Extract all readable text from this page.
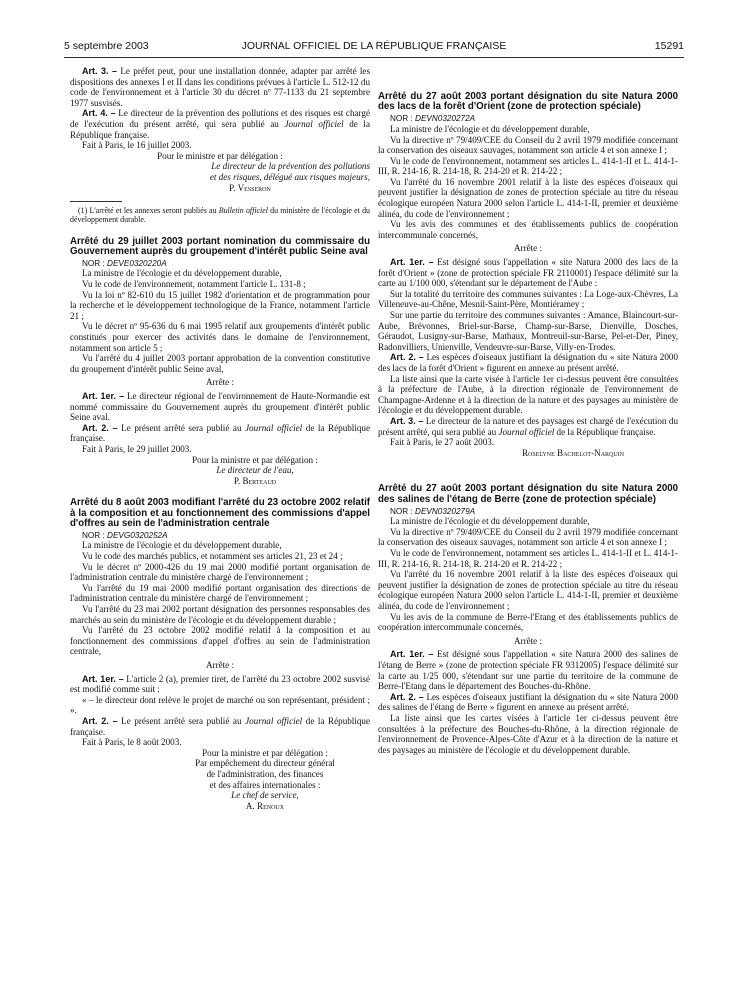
5 septembre 2003	JOURNAL OFFICIEL DE LA RÉPUBLIQUE FRANÇAISE	15291

Art. 3. – Le préfet peut, pour une installation donnée, adapter par arrêté les dispositions des annexes I et II dans les conditions prévues à l'article L. 512-12 du code de l'environnement et à l'article 30 du décret nº 77-1133 du 21 septembre 1977 susvisés.

Art. 4. – Le directeur de la prévention des pollutions et des risques est chargé de l'exécution du présent arrêté, qui sera publié au Journal officiel de la République française.

Fait à Paris, le 16 juillet 2003.

Pour le ministre et par délégation :

Le directeur de la prévention des pollutions

et des risques, délégué aux risques majeurs,

P. Vesseron

(1) L'arrêté et les annexes seront publiés au Bulletin officiel du ministère de l'écologie et du développement durable.

Arrêté du 29 juillet 2003 portant nomination du commissaire du Gouvernement auprès du groupement d'intérêt public Seine aval

NOR : DEVE0320220A

La ministre de l'écologie et du développement durable,

Vu le code de l'environnement, notamment l'article L. 131-8 ;

Vu la loi nº 82-610 du 15 juillet 1982 d'orientation et de programmation pour la recherche et le développement technologique de la France, notamment l'article 21 ;

Vu le décret nº 95-636 du 6 mai 1995 relatif aux groupements d'intérêt public constitués pour exercer des activités dans le domaine de l'environnement, notamment son article 5 ;

Vu l'arrêté du 4 juillet 2003 portant approbation de la convention constitutive du groupement d'intérêt public Seine aval,

Arrête :

Art. 1er. – Le directeur régional de l'environnement de Haute-Normandie est nommé commissaire du Gouvernement auprès du groupement d'intérêt public Seine aval.

Art. 2. – Le présent arrêté sera publié au Journal officiel de la République française.

Fait à Paris, le 29 juillet 2003.

Pour la ministre et par délégation :

Le directeur de l'eau,

P. Berteaud

Arrêté du 8 août 2003 modifiant l'arrêté du 23 octobre 2002 relatif à la composition et au fonctionnement des commissions d'appel d'offres au sein de l'administration centrale

NOR : DEVG0320252A

La ministre de l'écologie et du développement durable,

Vu le code des marchés publics, et notamment ses articles 21, 23 et 24 ;

Vu le décret nº 2000-426 du 19 mai 2000 modifié portant organisation de l'administration centrale du ministère chargé de l'environnement ;

Vu l'arrêté du 19 mai 2000 modifié portant organisation des directions de l'administration centrale du ministère chargé de l'environnement ;

Vu l'arrêté du 23 mai 2002 portant désignation des personnes responsables des marchés au sein du ministère de l'écologie et du développement durable ;

Vu l'arrêté du 23 octobre 2002 modifié relatif à la composition et au fonctionnement des commissions d'appel d'offres au sein de l'administration centrale,

Arrête :

Art. 1er. – L'article 2 (a), premier tiret, de l'arrêté du 23 octobre 2002 susvisé est modifié comme suit :

« – le directeur dont relève le projet de marché ou son représentant, président ; ».

Art. 2. – Le présent arrêté sera publié au Journal officiel de la République française.

Fait à Paris, le 8 août 2003.

Pour la ministre et par délégation :

Par empêchement du directeur général

de l'administration, des finances

et des affaires internationales :

Le chef de service,

A. Renoux

Arrêté du 27 août 2003 portant désignation du site Natura 2000 des lacs de la forêt d'Orient (zone de protection spéciale)

NOR : DEVN0320272A

La ministre de l'écologie et du développement durable,

Vu la directive nº 79/409/CEE du Conseil du 2 avril 1979 modifiée concernant la conservation des oiseaux sauvages, notamment son article 4 et son annexe I ;

Vu le code de l'environnement, notamment ses articles L. 414-1-II et L. 414-1-III, R. 214-16, R. 214-18, R. 214-20 et R. 214-22 ;

Vu l'arrêté du 16 novembre 2001 relatif à la liste des espèces d'oiseaux qui peuvent justifier la désignation de zones de protection spéciale au titre du réseau écologique européen Natura 2000 selon l'article L. 414-1-II, premier et deuxième alinéa, du code de l'environnement ;

Vu les avis des communes et des établissements publics de coopération intercommunale concernés,

Arrête :

Art. 1er. – Est désigné sous l'appellation « site Natura 2000 des lacs de la forêt d'Orient » (zone de protection spéciale FR 2110001) l'espace délimité sur la carte au 1/100 000, s'étendant sur le département de l'Aube :

Sur la totalité du territoire des communes suivantes : La Loge-aux-Chèvres, La Villeneuve-au-Chêne, Mesnil-Saint-Père, Montiéramey ;

Sur une partie du territoire des communes suivantes : Amance, Blaincourt-sur-Aube, Brévonnes, Briel-sur-Barse, Champ-sur-Barse, Dienville, Dosches, Géraudot, Lusigny-sur-Barse, Mathaux, Montreuil-sur-Barse, Pel-et-Der, Piney, Radonvilliers, Unienville, Vendeuvre-sur-Barse, Villy-en-Trodes.

Art. 2. – Les espèces d'oiseaux justifiant la désignation du « site Natura 2000 des lacs de la forêt d'Orient » figurent en annexe au présent arrêté.

La liste ainsi que la carte visée à l'article 1er ci-dessus peuvent être consultées à la préfecture de l'Aube, à la direction régionale de l'environnement de Champagne-Ardenne et à la direction de la nature et des paysages au ministère de l'écologie et du développement durable.

Art. 3. – Le directeur de la nature et des paysages est chargé de l'exécution du présent arrêté, qui sera publié au Journal officiel de la République française.

Fait à Paris, le 27 août 2003.

Roselyne Bachelot-Narquin

Arrêté du 27 août 2003 portant désignation du site Natura 2000 des salines de l'étang de Berre (zone de protection spéciale)

NOR : DEVN0320279A

La ministre de l'écologie et du développement durable,

Vu la directive nº 79/409/CEE du Conseil du 2 avril 1979 modifiée concernant la conservation des oiseaux sauvages, notamment son article 4 et son annexe I ;

Vu le code de l'environnement, notamment ses articles L. 414-1-II et L. 414-1-III, R. 214-16, R. 214-18, R. 214-20 et R. 214-22 ;

Vu l'arrêté du 16 novembre 2001 relatif à la liste des espèces d'oiseaux qui peuvent justifier la désignation de zones de protection spéciale au titre du réseau écologique européen Natura 2000 selon l'article L. 414-1-II, premier et deuxième alinéa, du code de l'environnement ;

Vu les avis de la commune de Berre-l'Etang et des établissements publics de coopération intercommunale concernés,

Arrête :

Art. 1er. – Est désigné sous l'appellation « site Natura 2000 des salines de l'étang de Berre » (zone de protection spéciale FR 9312005) l'espace délimité sur la carte au 1/25 000, s'étendant sur une partie du territoire de la commune de Berre-l'Etang dans le département des Bouches-du-Rhône.

Art. 2. – Les espèces d'oiseaux justifiant la désignation du « site Natura 2000 des salines de l'étang de Berre » figurent en annexe au présent arrêté.

La liste ainsi que les cartes visées à l'article 1er ci-dessus peuvent être consultées à la préfecture des Bouches-du-Rhône, à la direction régionale de l'environnement de Provence-Alpes-Côte d'Azur et à la direction de la nature et des paysages au ministère de l'écologie et du développement durable.
